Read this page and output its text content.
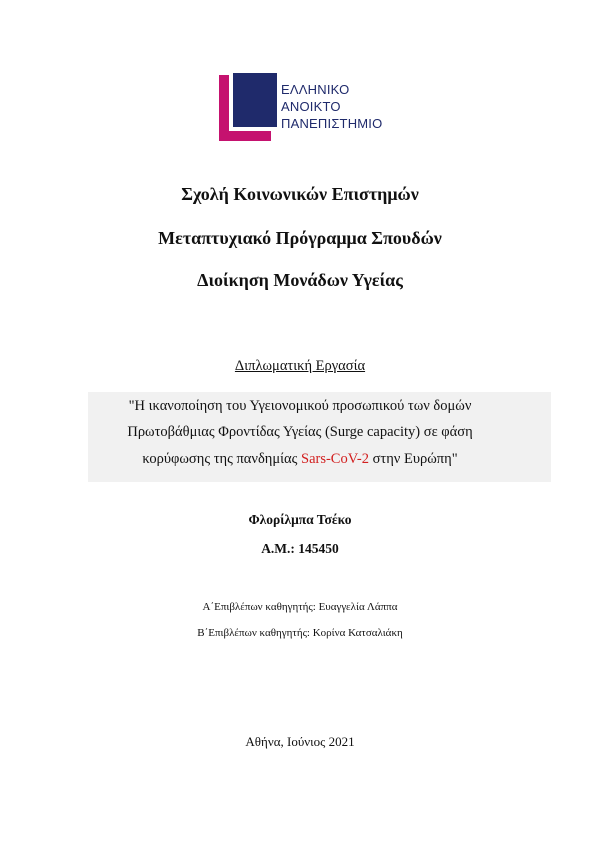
ΕΛΛΗΝΙΚΟ
ΑΝΟΙΚΤΟ
ΠΑΝΕΠΙΣΤΗΜΙΟ
Σχολή Κοινωνικών Επιστημών
Μεταπτυχιακό Πρόγραμμα Σπουδών
Διοίκηση Μονάδων Υγείας
Διπλωματική Εργασία
"Η ικανοποίηση του Υγειονομικού προσωπικού των δομών
Πρωτοβάθμιας Φροντίδας Υγείας (Surge capacity) σε φάση
κορύφωσης της πανδημίας Sars-CoV-2 στην Ευρώπη"
Φλορίλμπα Τσέκο
Α.Μ.: 145450
Α΄Επιβλέπων καθηγητής: Ευαγγελία Λάππα
Β΄Επιβλέπων καθηγητής: Κορίνα Κατσαλιάκη
Αθήνα, Ιούνιος 2021
